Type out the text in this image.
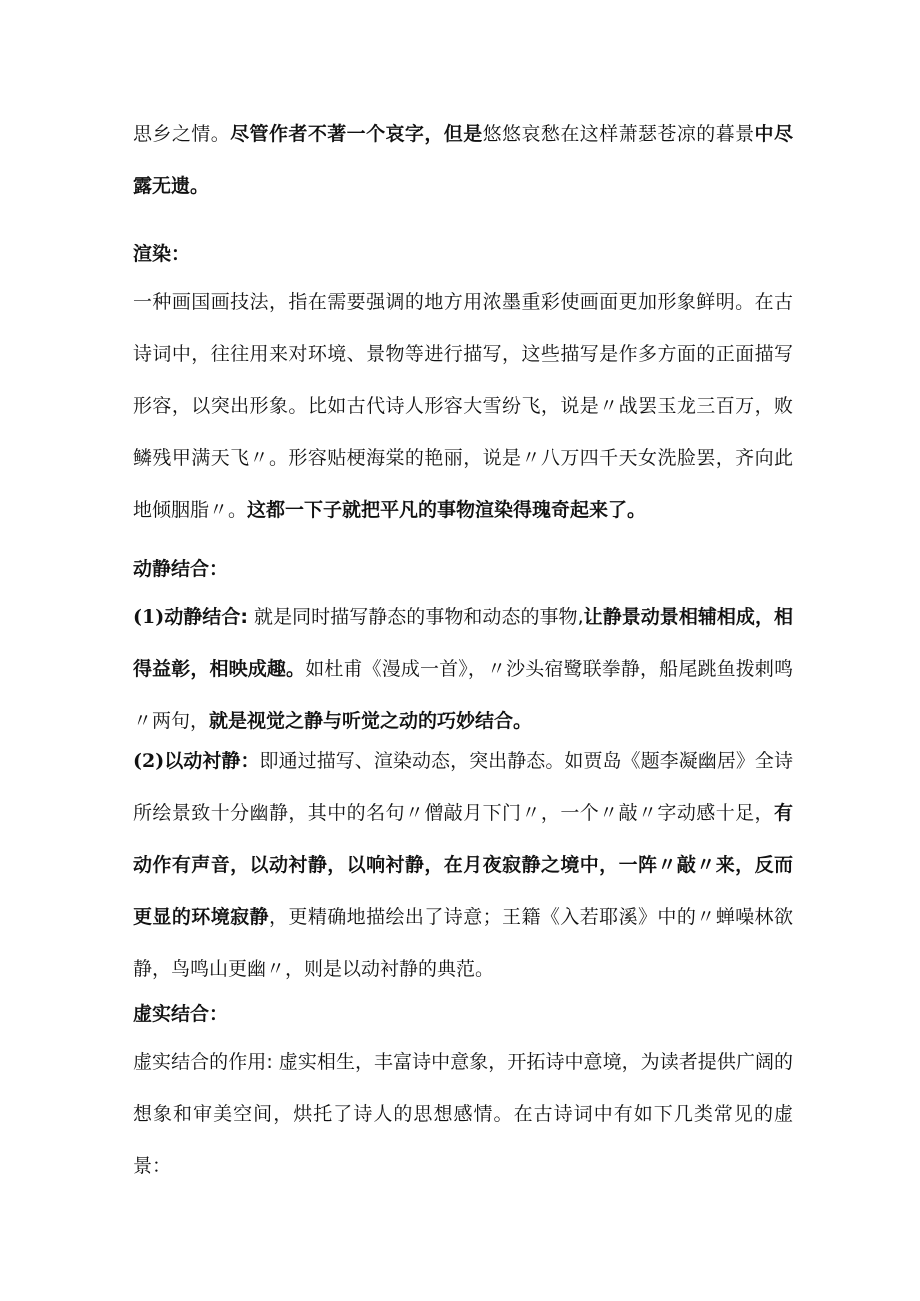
思乡之情。尽管作者不著一个哀字，但是悠悠哀愁在这样萧瑟苍凉的暮景中尽露无遗。

渲染：

一种画国画技法，指在需要强调的地方用浓墨重彩使画面更加形象鲜明。在古诗词中，往往用来对环境、景物等进行描写，这些描写是作多方面的正面描写形容，以突出形象。比如古代诗人形容大雪纷飞，说是〃战罢玉龙三百万，败鳞残甲满天飞〃。形容贴梗海棠的艳丽，说是〃八万四千天女洗脸罢，齐向此地倾胭脂〃。这都一下子就把平凡的事物渲染得瑰奇起来了。

动静结合：

(1)动静结合: 就是同时描写静态的事物和动态的事物,让静景动景相辅相成，相得益彰，相映成趣。如杜甫《漫成一首》，〃沙头宿鹭联拳静，船尾跳鱼拨剌鸣〃两句，就是视觉之静与听觉之动的巧妙结合。

(2)以动衬静：即通过描写、渲染动态，突出静态。如贾岛《题李凝幽居》全诗所绘景致十分幽静，其中的名句〃僧敲月下门〃，一个〃敲〃字动感十足，有动作有声音，以动衬静，以响衬静，在月夜寂静之境中，一阵〃敲〃来，反而更显的环境寂静，更精确地描绘出了诗意；王籍《入若耶溪》中的〃蝉噪林欲静，鸟鸣山更幽〃，则是以动衬静的典范。

虚实结合：

虚实结合的作用: 虚实相生，丰富诗中意象，开拓诗中意境，为读者提供广阔的想象和审美空间，烘托了诗人的思想感情。在古诗词中有如下几类常见的虚景：
